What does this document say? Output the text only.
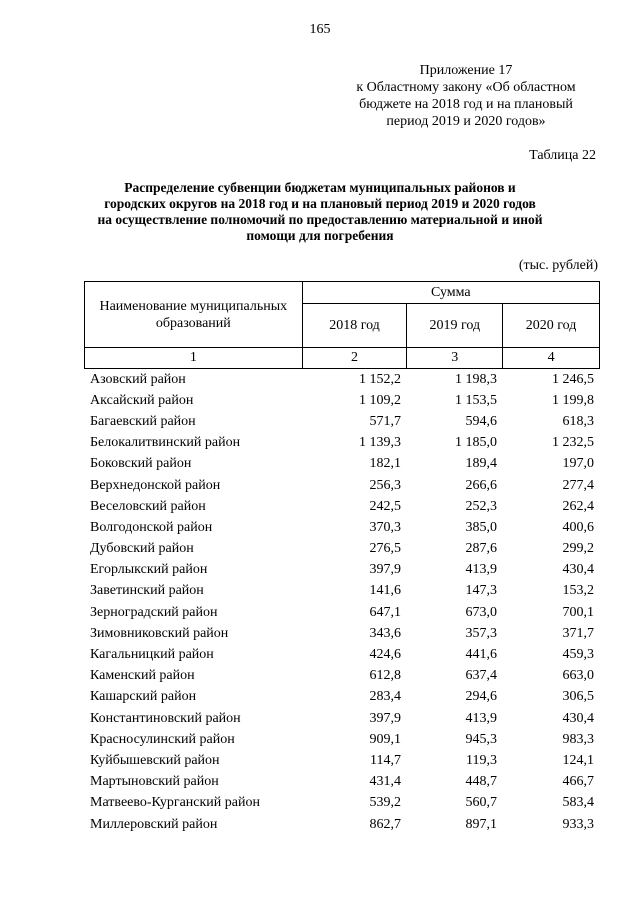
165
Приложение 17
к Областному закону «Об областном
бюджете на 2018 год и на плановый
период 2019 и 2020 годов»
Таблица 22
Распределение субвенции бюджетам муниципальных районов и
городских округов на 2018 год и на плановый период 2019 и 2020 годов
на осуществление полномочий по предоставлению материальной и иной
помощи для погребения
(тыс. рублей)
Наименование муниципальных образований	Сумма		
	2018 год	2019 год	2020 год
1	2	3	4
Азовский район	1 152,2	1 198,3	1 246,5
Аксайский район	1 109,2	1 153,5	1 199,8
Багаевский район	571,7	594,6	618,3
Белокалитвинский район	1 139,3	1 185,0	1 232,5
Боковский район	182,1	189,4	197,0
Верхнедонской район	256,3	266,6	277,4
Веселовский район	242,5	252,3	262,4
Волгодонской район	370,3	385,0	400,6
Дубовский район	276,5	287,6	299,2
Егорлыкский район	397,9	413,9	430,4
Заветинский район	141,6	147,3	153,2
Зерноградский район	647,1	673,0	700,1
Зимовниковский район	343,6	357,3	371,7
Кагальницкий район	424,6	441,6	459,3
Каменский район	612,8	637,4	663,0
Кашарский район	283,4	294,6	306,5
Константиновский район	397,9	413,9	430,4
Красносулинский район	909,1	945,3	983,3
Куйбышевский район	114,7	119,3	124,1
Мартыновский район	431,4	448,7	466,7
Матвеево-Курганский район	539,2	560,7	583,4
Миллеровский район	862,7	897,1	933,3
